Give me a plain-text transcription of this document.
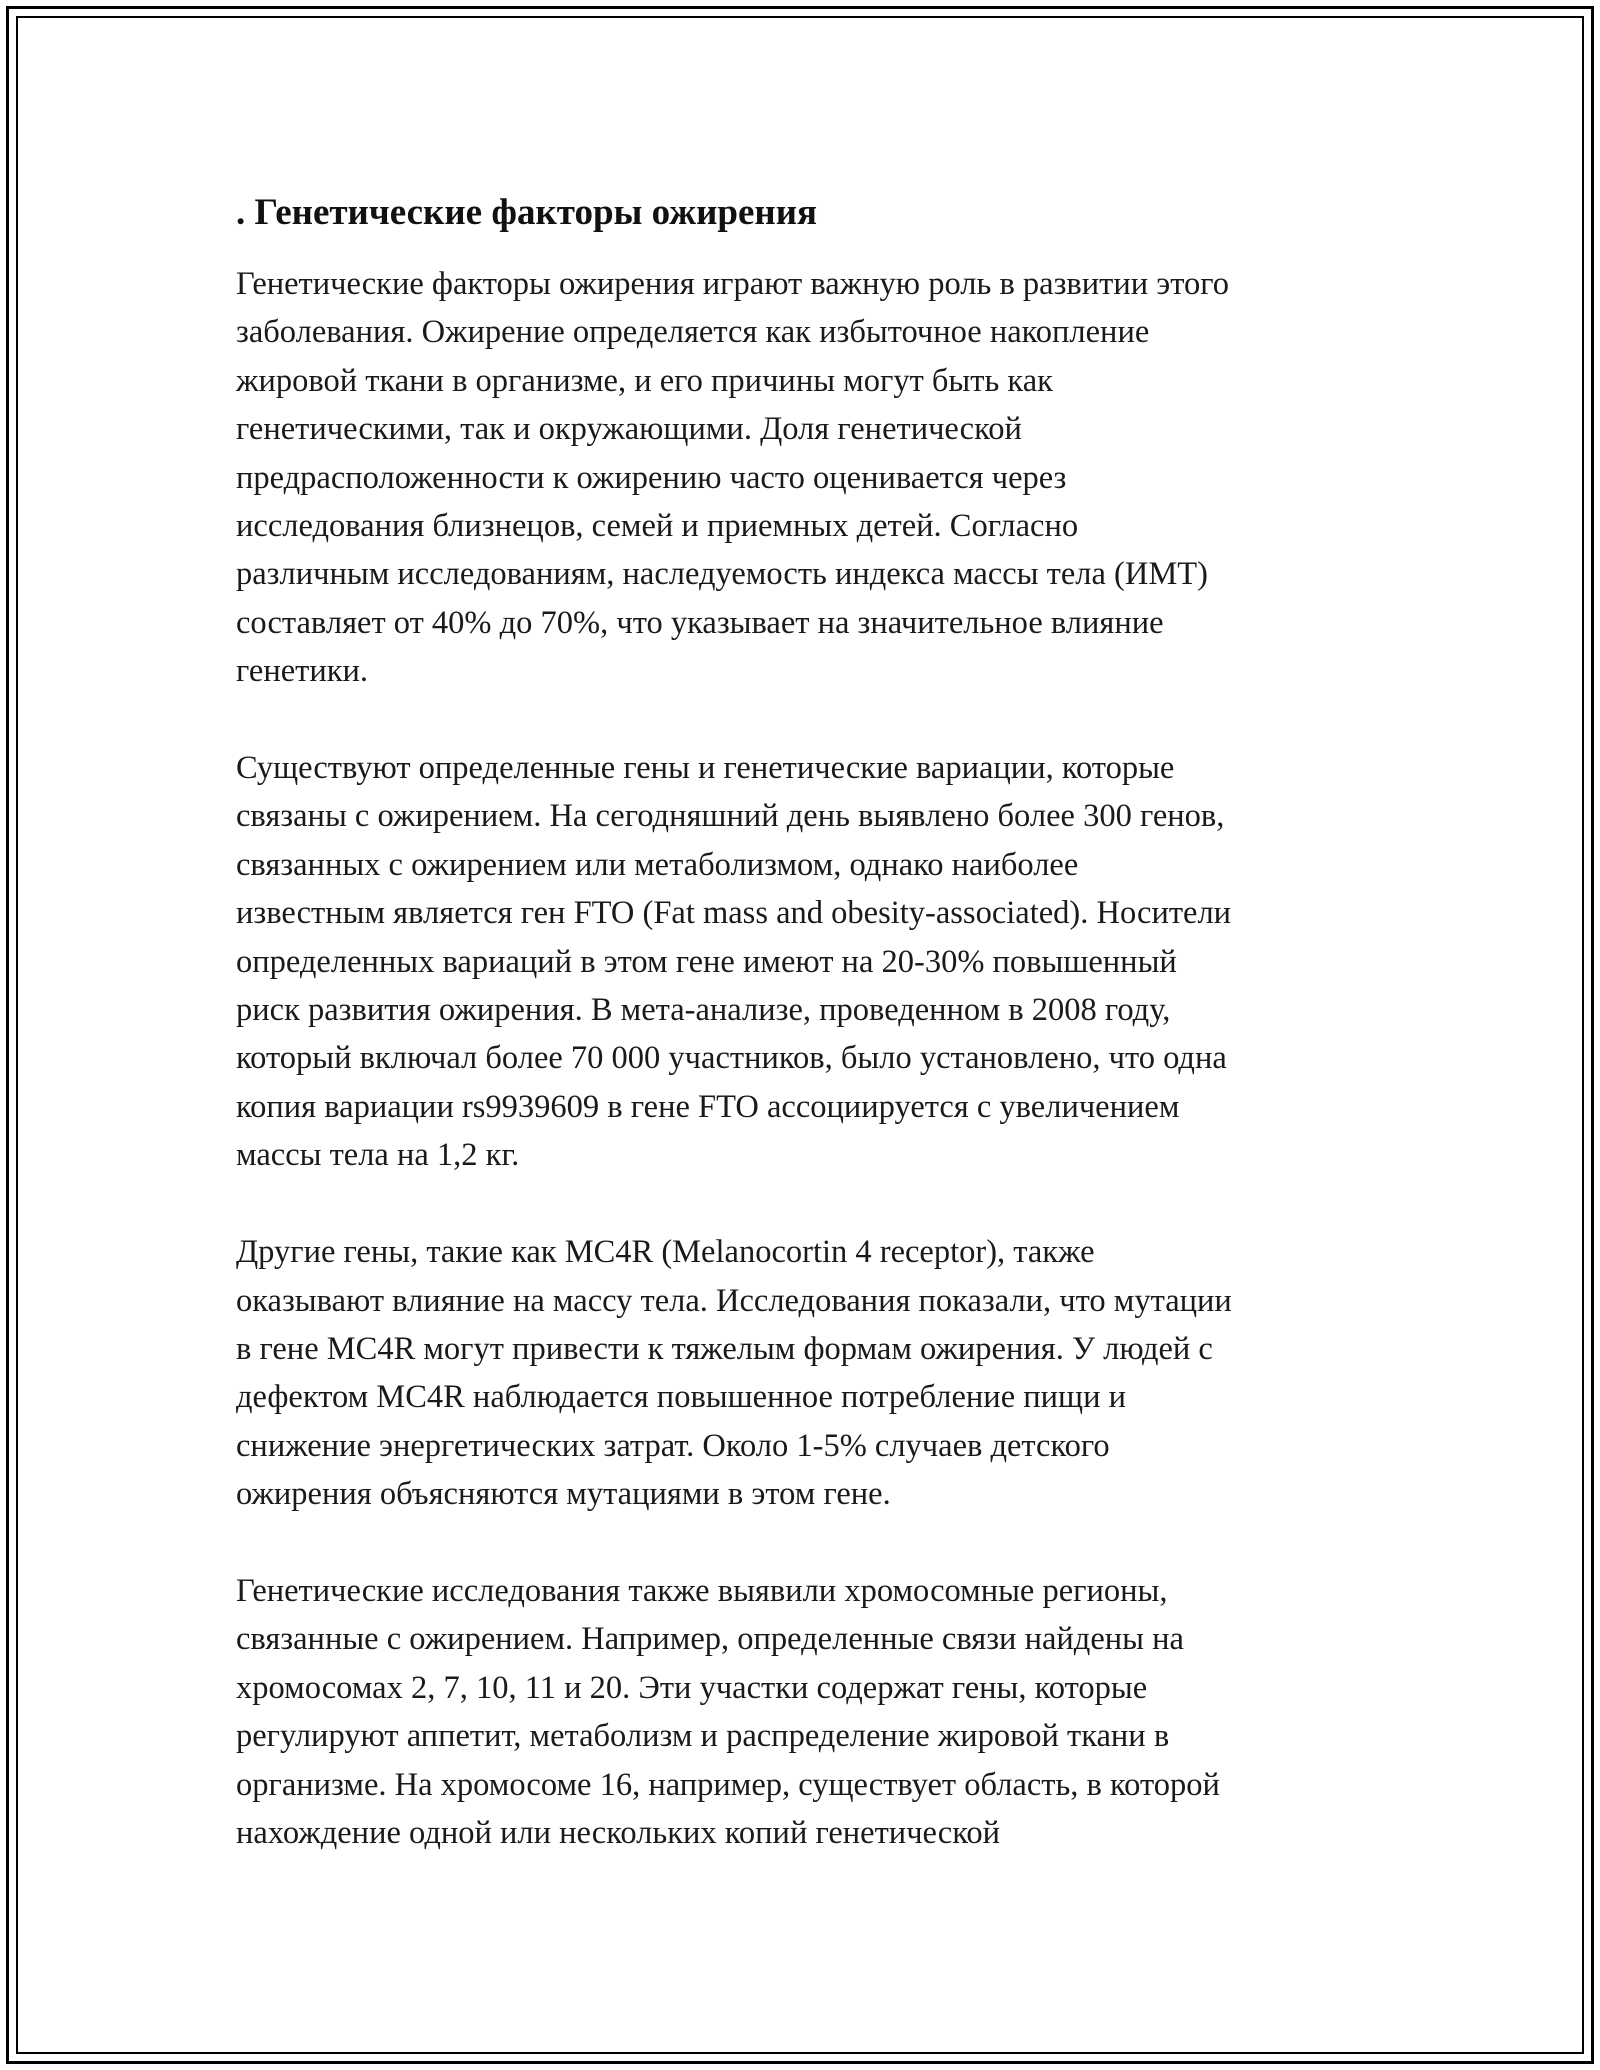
. Генетические факторы ожирения
Генетические факторы ожирения играют важную роль в развитии этого
заболевания. Ожирение определяется как избыточное накопление
жировой ткани в организме, и его причины могут быть как
генетическими, так и окружающими. Доля генетической
предрасположенности к ожирению часто оценивается через
исследования близнецов, семей и приемных детей. Согласно
различным исследованиям, наследуемость индекса массы тела (ИМТ)
составляет от 40% до 70%, что указывает на значительное влияние
генетики.
Существуют определенные гены и генетические вариации, которые
связаны с ожирением. На сегодняшний день выявлено более 300 генов,
связанных с ожирением или метаболизмом, однако наиболее
известным является ген FTO (Fat mass and obesity-associated). Носители
определенных вариаций в этом гене имеют на 20-30% повышенный
риск развития ожирения. В мета-анализе, проведенном в 2008 году,
который включал более 70 000 участников, было установлено, что одна
копия вариации rs9939609 в гене FTO ассоциируется с увеличением
массы тела на 1,2 кг.
Другие гены, такие как MC4R (Melanocortin 4 receptor), также
оказывают влияние на массу тела. Исследования показали, что мутации
в гене MC4R могут привести к тяжелым формам ожирения. У людей с
дефектом MC4R наблюдается повышенное потребление пищи и
снижение энергетических затрат. Около 1-5% случаев детского
ожирения объясняются мутациями в этом гене.
Генетические исследования также выявили хромосомные регионы,
связанные с ожирением. Например, определенные связи найдены на
хромосомах 2, 7, 10, 11 и 20. Эти участки содержат гены, которые
регулируют аппетит, метаболизм и распределение жировой ткани в
организме. На хромосоме 16, например, существует область, в которой
нахождение одной или нескольких копий генетической
